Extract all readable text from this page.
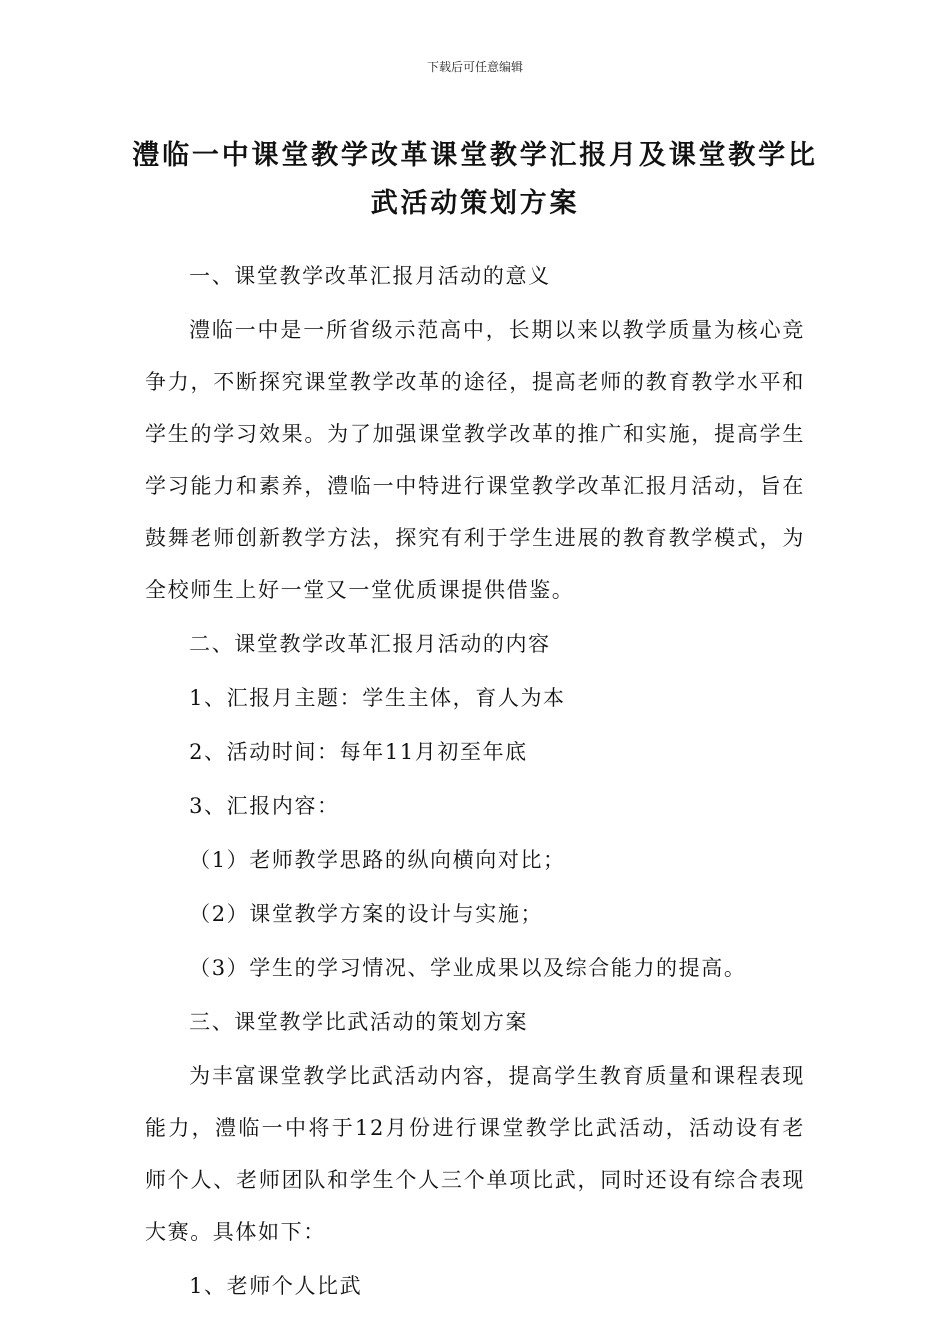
下载后可任意编辑
澧临一中课堂教学改革课堂教学汇报月及课堂教学比武活动策划方案

一、课堂教学改革汇报月活动的意义

澧临一中是一所省级示范高中，长期以来以教学质量为核心竞争力，不断探究课堂教学改革的途径，提高老师的教育教学水平和学生的学习效果。为了加强课堂教学改革的推广和实施，提高学生学习能力和素养，澧临一中特进行课堂教学改革汇报月活动，旨在鼓舞老师创新教学方法，探究有利于学生进展的教育教学模式，为全校师生上好一堂又一堂优质课提供借鉴。

二、课堂教学改革汇报月活动的内容

1、汇报月主题：学生主体，育人为本

2、活动时间：每年11月初至年底

3、汇报内容：

（1）老师教学思路的纵向横向对比；

（2）课堂教学方案的设计与实施；

（3）学生的学习情况、学业成果以及综合能力的提高。

三、课堂教学比武活动的策划方案

为丰富课堂教学比武活动内容，提高学生教育质量和课程表现能力，澧临一中将于12月份进行课堂教学比武活动，活动设有老师个人、老师团队和学生个人三个单项比武，同时还设有综合表现大赛。具体如下：

1、老师个人比武
